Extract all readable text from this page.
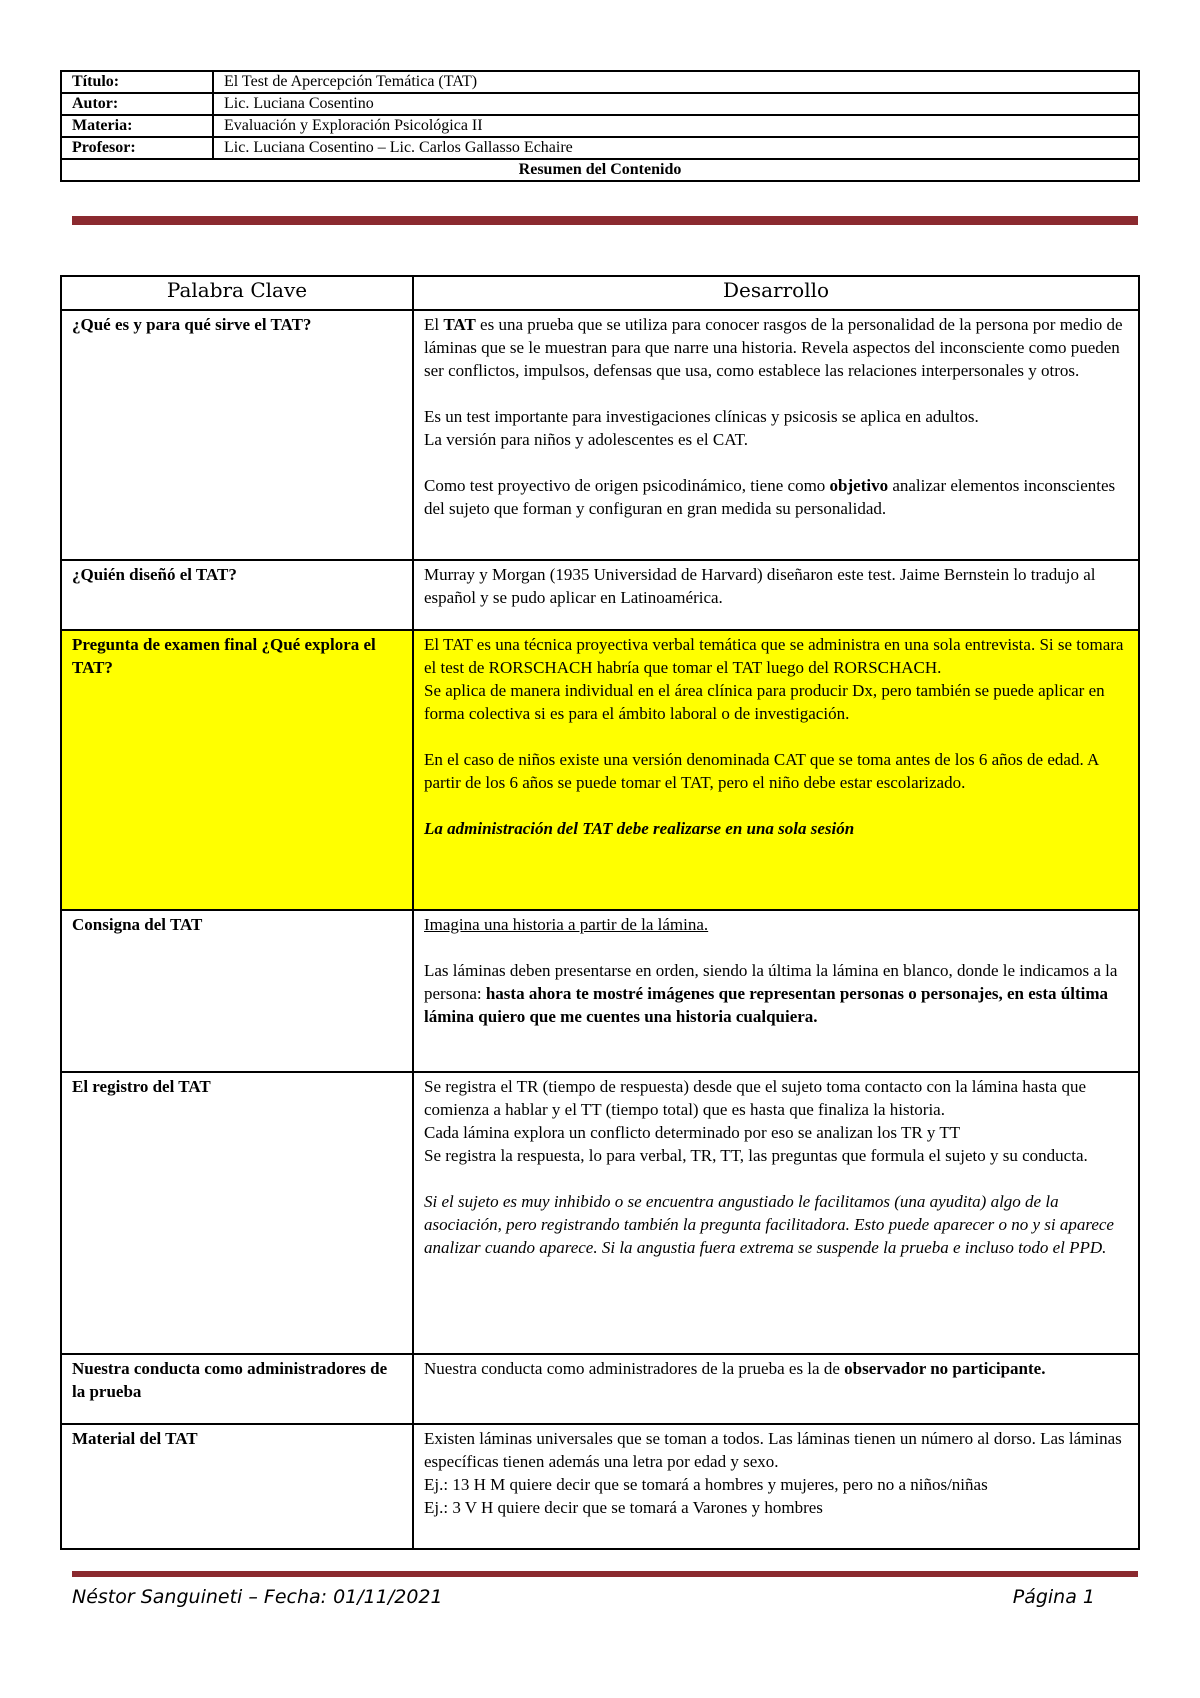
Título:	El Test de Apercepción Temática (TAT)
Autor:	Lic. Luciana Cosentino
Materia:	Evaluación y Exploración Psicológica II
Profesor:	Lic. Luciana Cosentino – Lic. Carlos Gallasso Echaire
Resumen del Contenido	
Palabra Clave	Desarrollo
¿Qué es y para qué sirve el TAT?	El TAT es una prueba que se utiliza para conocer rasgos de la personalidad de la persona por medio de láminas que se le muestran para que narre una historia. Revela aspectos del inconsciente como pueden ser conflictos, impulsos, defensas que usa, como establece las relaciones interpersonales y otros.

Es un test importante para investigaciones clínicas y psicosis se aplica en adultos.

La versión para niños y adolescentes es el CAT.

Como test proyectivo de origen psicodinámico, tiene como objetivo analizar elementos inconscientes del sujeto que forman y configuran en gran medida su personalidad.

¿Quién diseñó el TAT?	Murray y Morgan (1935 Universidad de Harvard) diseñaron este test. Jaime Bernstein lo tradujo al español y se pudo aplicar en Latinoamérica.

Pregunta de examen final ¿Qué explora el TAT?	El TAT es una técnica proyectiva verbal temática que se administra en una sola entrevista. Si se tomara el test de RORSCHACH habría que tomar el TAT luego del RORSCHACH.

Se aplica de manera individual en el área clínica para producir Dx, pero también se puede aplicar en forma colectiva si es para el ámbito laboral o de investigación.

En el caso de niños existe una versión denominada CAT que se toma antes de los 6 años de edad. A partir de los 6 años se puede tomar el TAT, pero el niño debe estar escolarizado.

La administración del TAT debe realizarse en una sola sesión

Consigna del TAT	Imagina una historia a partir de la lámina.

Las láminas deben presentarse en orden, siendo la última la lámina en blanco, donde le indicamos a la persona: hasta ahora te mostré imágenes que representan personas o personajes, en esta última lámina quiero que me cuentes una historia cualquiera.

El registro del TAT	Se registra el TR (tiempo de respuesta) desde que el sujeto toma contacto con la lámina hasta que comienza a hablar y el TT (tiempo total) que es hasta que finaliza la historia.

Cada lámina explora un conflicto determinado por eso se analizan los TR y TT

Se registra la respuesta, lo para verbal, TR, TT, las preguntas que formula el sujeto y su conducta.

Si el sujeto es muy inhibido o se encuentra angustiado le facilitamos (una ayudita) algo de la asociación, pero registrando también la pregunta facilitadora. Esto puede aparecer o no y si aparece analizar cuando aparece. Si la angustia fuera extrema se suspende la prueba e incluso todo el PPD.

Nuestra conducta como administradores de la prueba	Nuestra conducta como administradores de la prueba es la de observador no participante.

Material del TAT	Existen láminas universales que se toman a todos. Las láminas tienen un número al dorso. Las láminas específicas tienen además una letra por edad y sexo.

Ej.: 13 H M quiere decir que se tomará a hombres y mujeres, pero no a niños/niñas

Ej.: 3 V H quiere decir que se tomará a Varones y hombres

Néstor Sanguineti – Fecha: 01/11/2021	Página 1
